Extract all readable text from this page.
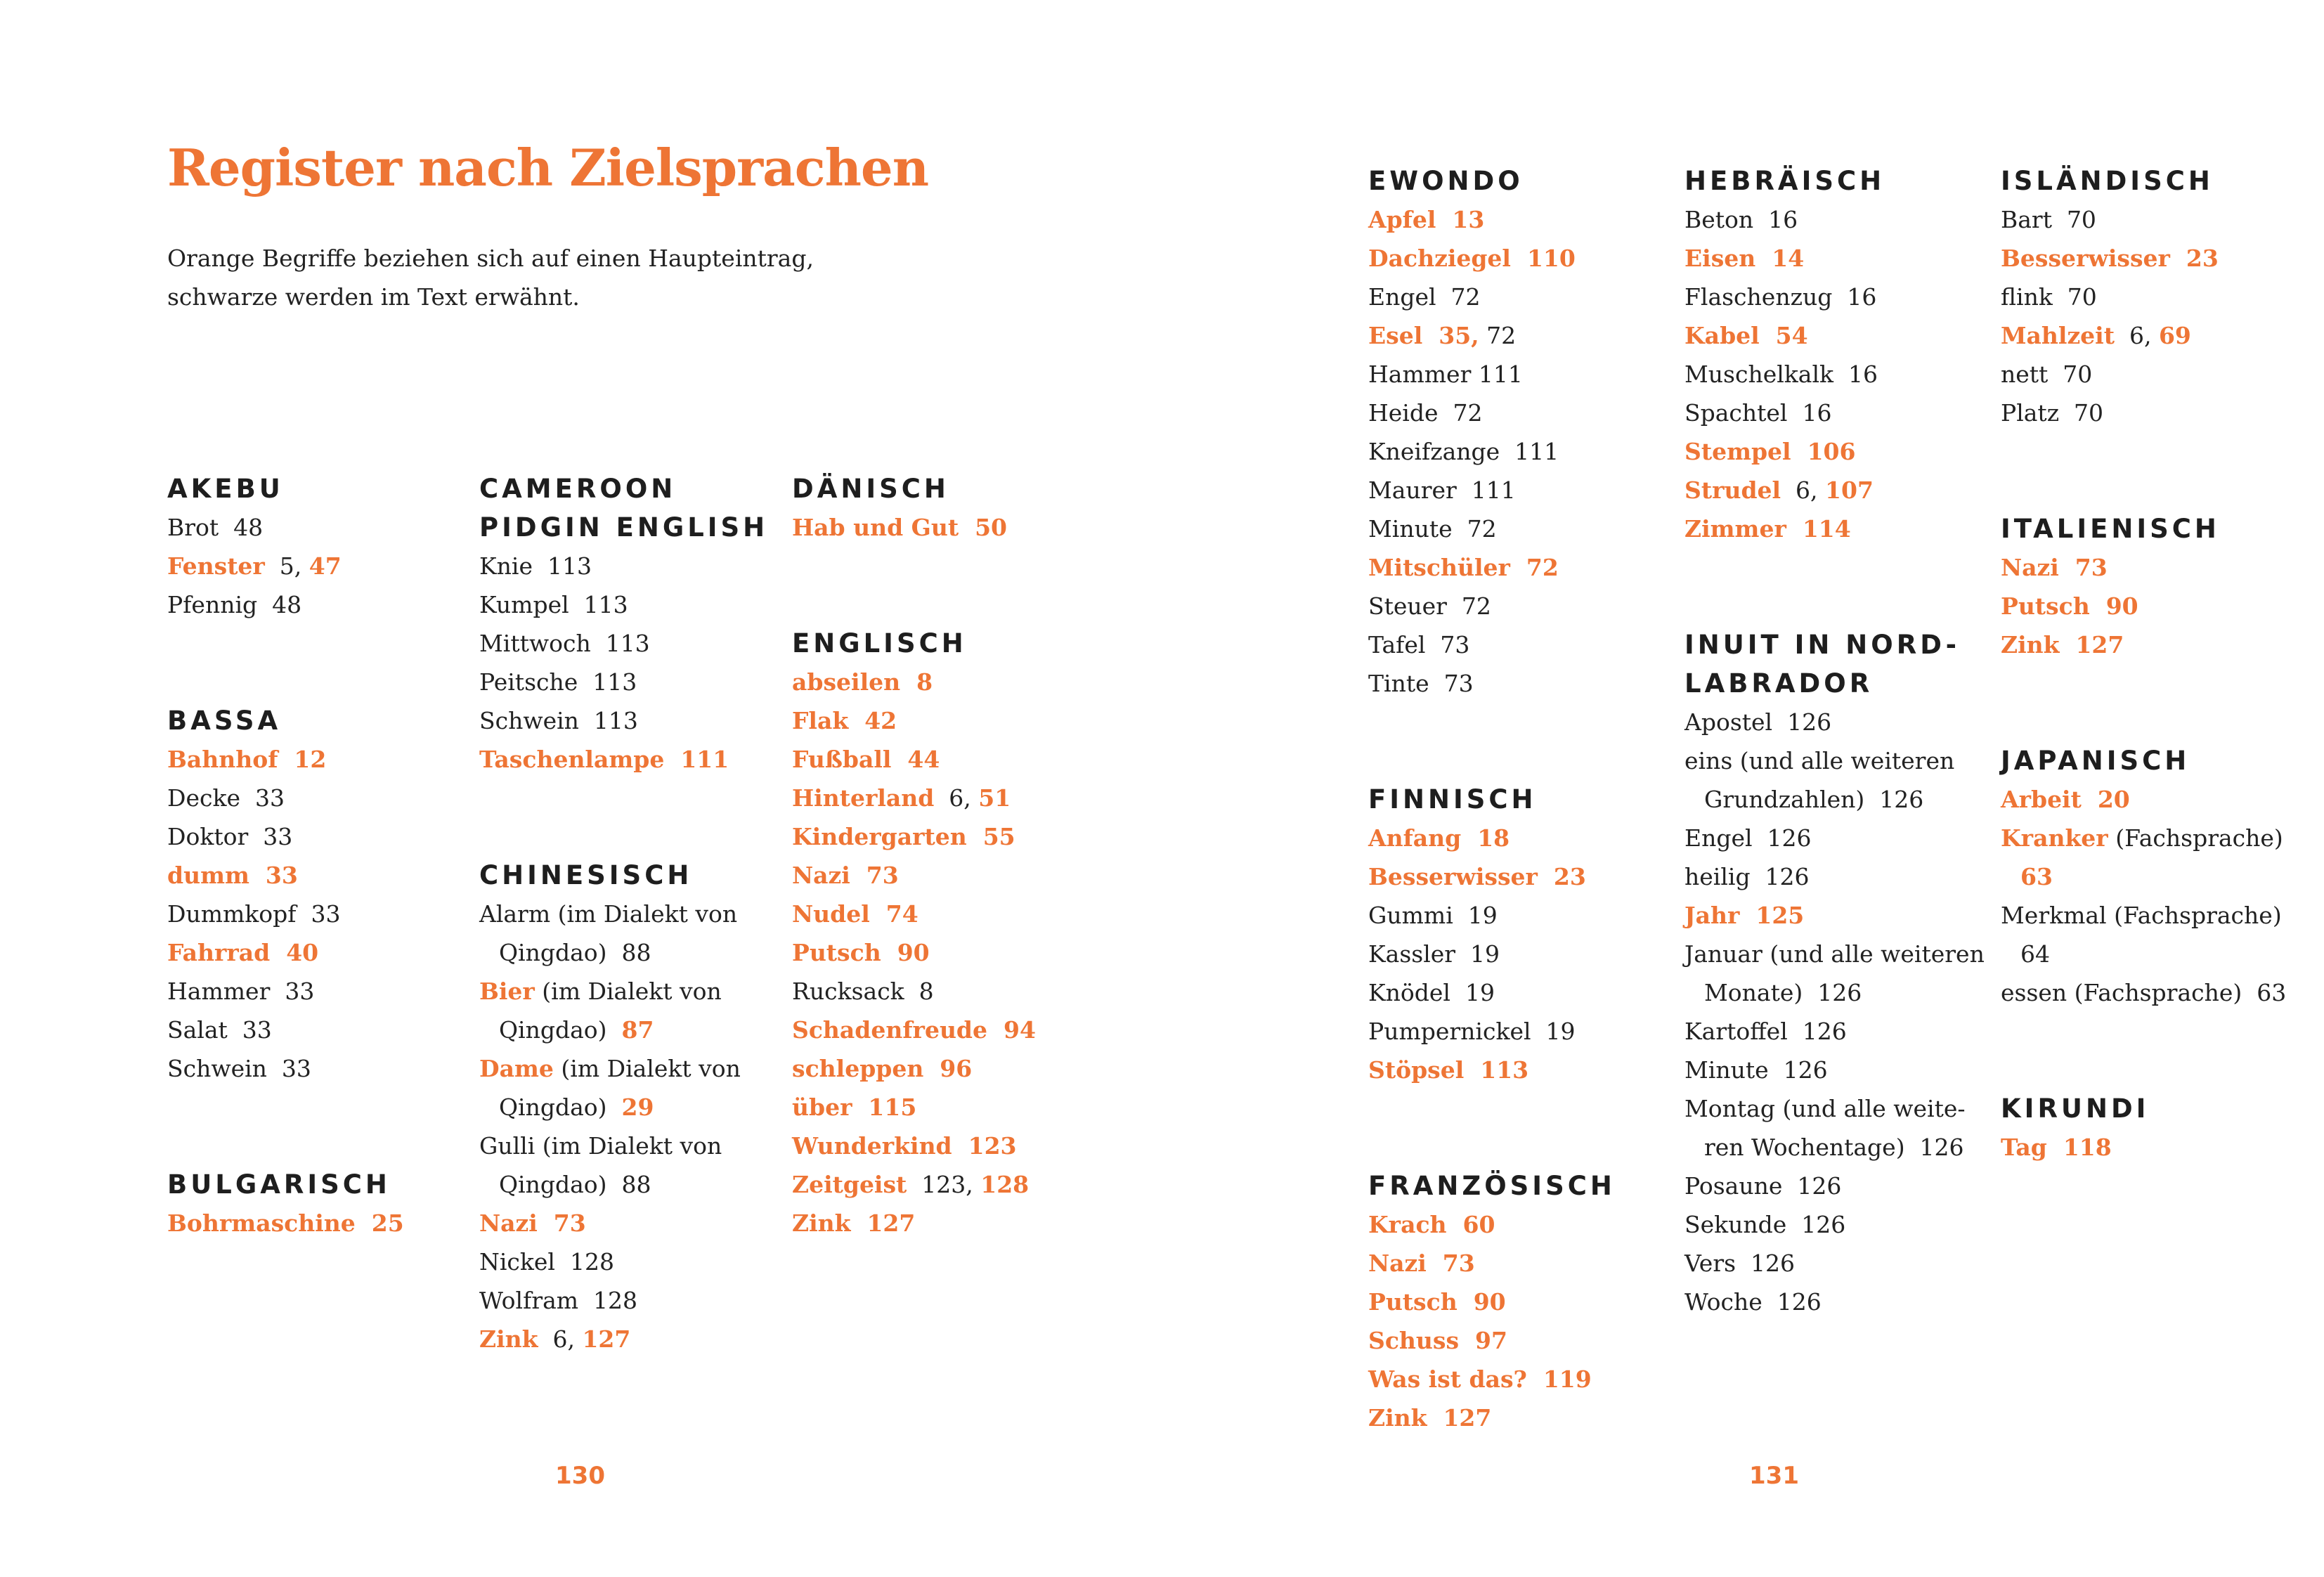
Register nach Zielsprachen
Orange Begriffe beziehen sich auf einen Haupteintrag,
schwarze werden im Text erwähnt.
130	131
AKEBU
Brot  48
Fenster  5, 47
Pfennig  48
BASSA
Bahnhof  12
Decke  33
Doktor  33
dumm  33
Dummkopf  33
Fahrrad  40
Hammer  33
Salat  33
Schwein  33
BULGARISCH
Bohrmaschine  25
CAMEROON
PIDGIN ENGLISH
Knie  113
Kumpel  113
Mittwoch  113
Peitsche  113
Schwein  113
Taschenlampe  111
CHINESISCH
Alarm (im Dialekt von
Qingdao)  88
Bier (im Dialekt von
Qingdao)  87
Dame (im Dialekt von
Qingdao)  29
Gulli (im Dialekt von
Qingdao)  88
Nazi  73
Nickel  128
Wolfram  128
Zink  6, 127
DÄNISCH
Hab und Gut  50
ENGLISCH
abseilen  8
Flak  42
Fußball  44
Hinterland  6, 51
Kindergarten  55
Nazi  73
Nudel  74
Putsch  90
Rucksack  8
Schadenfreude  94
schleppen  96
über  115
Wunderkind  123
Zeitgeist  123, 128
Zink  127
EWONDO
Apfel  13
Dachziegel  110
Engel  72
Esel  35, 72
Hammer 111
Heide  72
Kneifzange  111
Maurer  111
Minute  72
Mitschüler  72
Steuer  72
Tafel  73
Tinte  73
FINNISCH
Anfang  18
Besserwisser  23
Gummi  19
Kassler  19
Knödel  19
Pumpernickel  19
Stöpsel  113
FRANZÖSISCH
Krach  60
Nazi  73
Putsch  90
Schuss  97
Was ist das?  119
Zink  127
HEBRÄISCH
Beton  16
Eisen  14
Flaschenzug  16
Kabel  54
Muschelkalk  16
Spachtel  16
Stempel  106
Strudel  6, 107
Zimmer  114
INUIT IN NORD-
LABRADOR
Apostel  126
eins (und alle weiteren
Grundzahlen)  126
Engel  126
heilig  126
Jahr  125
Januar (und alle weiteren
Monate)  126
Kartoffel  126
Minute  126
Montag (und alle weite-
ren Wochentage)  126
Posaune  126
Sekunde  126
Vers  126
Woche  126
ISLÄNDISCH
Bart  70
Besserwisser  23
flink  70
Mahlzeit  6, 69
nett  70
Platz  70
ITALIENISCH
Nazi  73
Putsch  90
Zink  127
JAPANISCH
Arbeit  20
Kranker (Fachsprache)
63
Merkmal (Fachsprache)
64
essen (Fachsprache)  63
KIRUNDI
Tag  118
